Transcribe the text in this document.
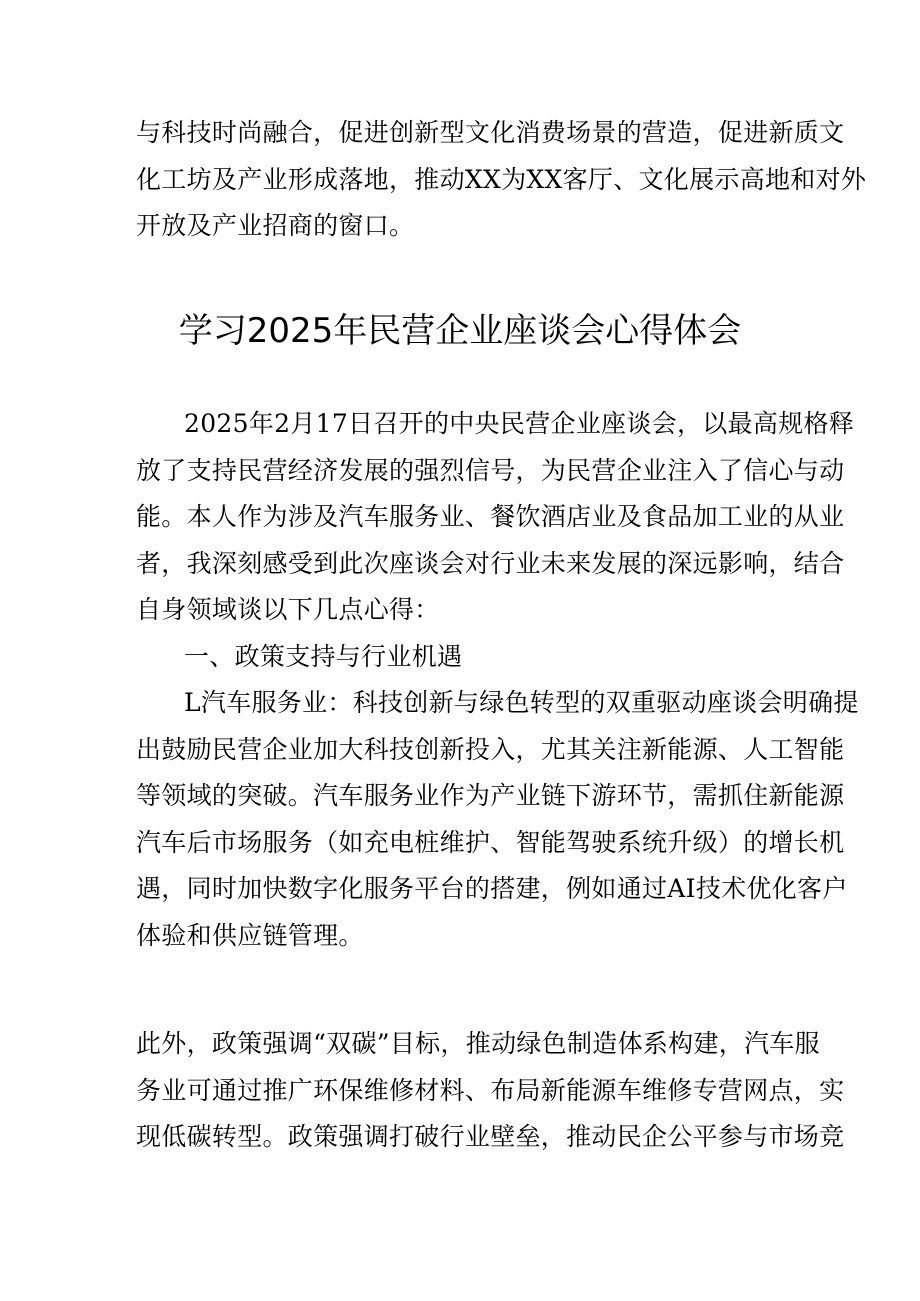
与科技时尚融合，促进创新型文化消费场景的营造，促进新质文
化工坊及产业形成落地，推动XX为XX客厅、文化展示高地和对外
开放及产业招商的窗口。
学习2025年民营企业座谈会心得体会
2025年2月17日召开的中央民营企业座谈会，以最高规格释
放了支持民营经济发展的强烈信号，为民营企业注入了信心与动
能。本人作为涉及汽车服务业、餐饮酒店业及食品加工业的从业
者，我深刻感受到此次座谈会对行业未来发展的深远影响，结合
自身领域谈以下几点心得：
一、政策支持与行业机遇
L汽车服务业：科技创新与绿色转型的双重驱动座谈会明确提
出鼓励民营企业加大科技创新投入，尤其关注新能源、人工智能
等领域的突破。汽车服务业作为产业链下游环节，需抓住新能源
汽车后市场服务（如充电桩维护、智能驾驶系统升级）的增长机
遇，同时加快数字化服务平台的搭建，例如通过AI技术优化客户
体验和供应链管理。
此外，政策强调“双碳”目标，推动绿色制造体系构建，汽车服
务业可通过推广环保维修材料、布局新能源车维修专营网点，实
现低碳转型。政策强调打破行业壁垒，推动民企公平参与市场竞
